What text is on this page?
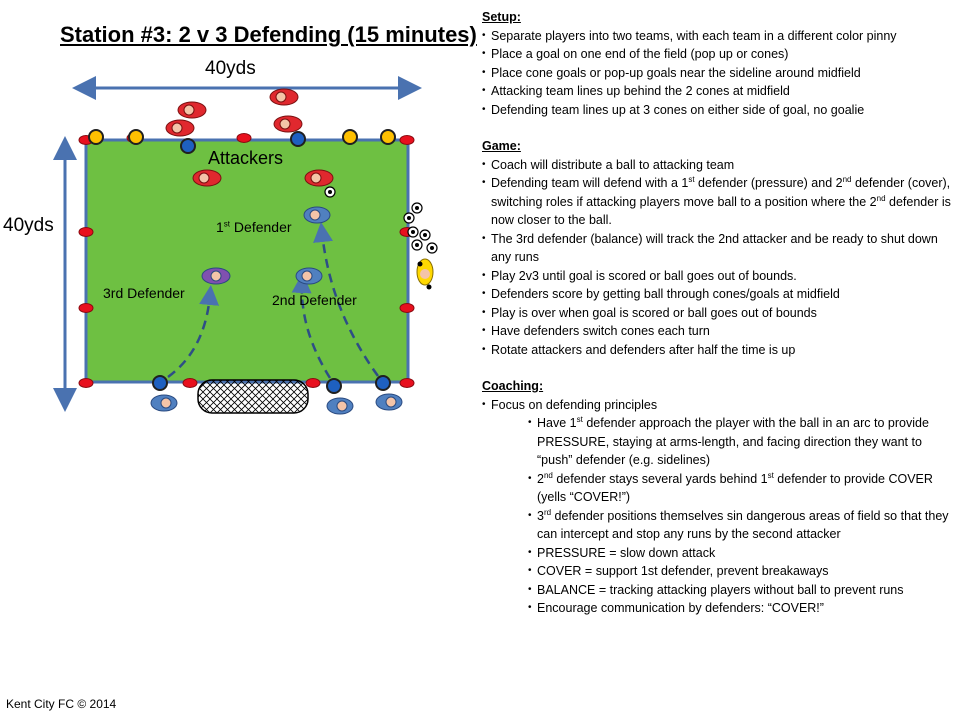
Station #3: 2 v 3 Defending (15 minutes)
40yds
40yds
Attackers
1st Defender
2nd Defender
3rd Defender
Kent City FC © 2014
Setup:
• Separate players into two teams, with each team in a different color pinny
• Place a goal on one end of the field (pop up or cones)
• Place cone goals or pop-up goals near the sideline around midfield
• Attacking team lines up behind the 2 cones at midfield
• Defending team lines up at 3 cones on either side of goal, no goalie
Game:
• Coach will distribute a ball to attacking team
• Defending team will defend with a 1st defender (pressure) and 2nd defender (cover), switching roles if attacking players move ball to a position where the 2nd defender is now closer to the ball.
• The 3rd defender (balance) will track the 2nd attacker and be ready to shut down any runs
• Play 2v3 until goal is scored or ball goes out of bounds.
• Defenders score by getting ball through cones/goals at midfield
• Play is over when goal is scored or ball goes out of bounds
• Have defenders switch cones each turn
• Rotate attackers and defenders after half the time is up
Coaching:
• Focus on defending principles
• Have 1st defender approach the player with the ball in an arc to provide PRESSURE, staying at arms-length, and facing direction they want to “push” defender (e.g. sidelines)
• 2nd defender stays several yards behind 1st defender to provide COVER (yells “COVER!”)
• 3rd defender positions themselves sin dangerous areas of field so that they can intercept and stop any runs by the second attacker
• PRESSURE = slow down attack
• COVER = support 1st defender, prevent breakaways
• BALANCE = tracking attacking players without ball to prevent runs
• Encourage communication by defenders: “COVER!”
